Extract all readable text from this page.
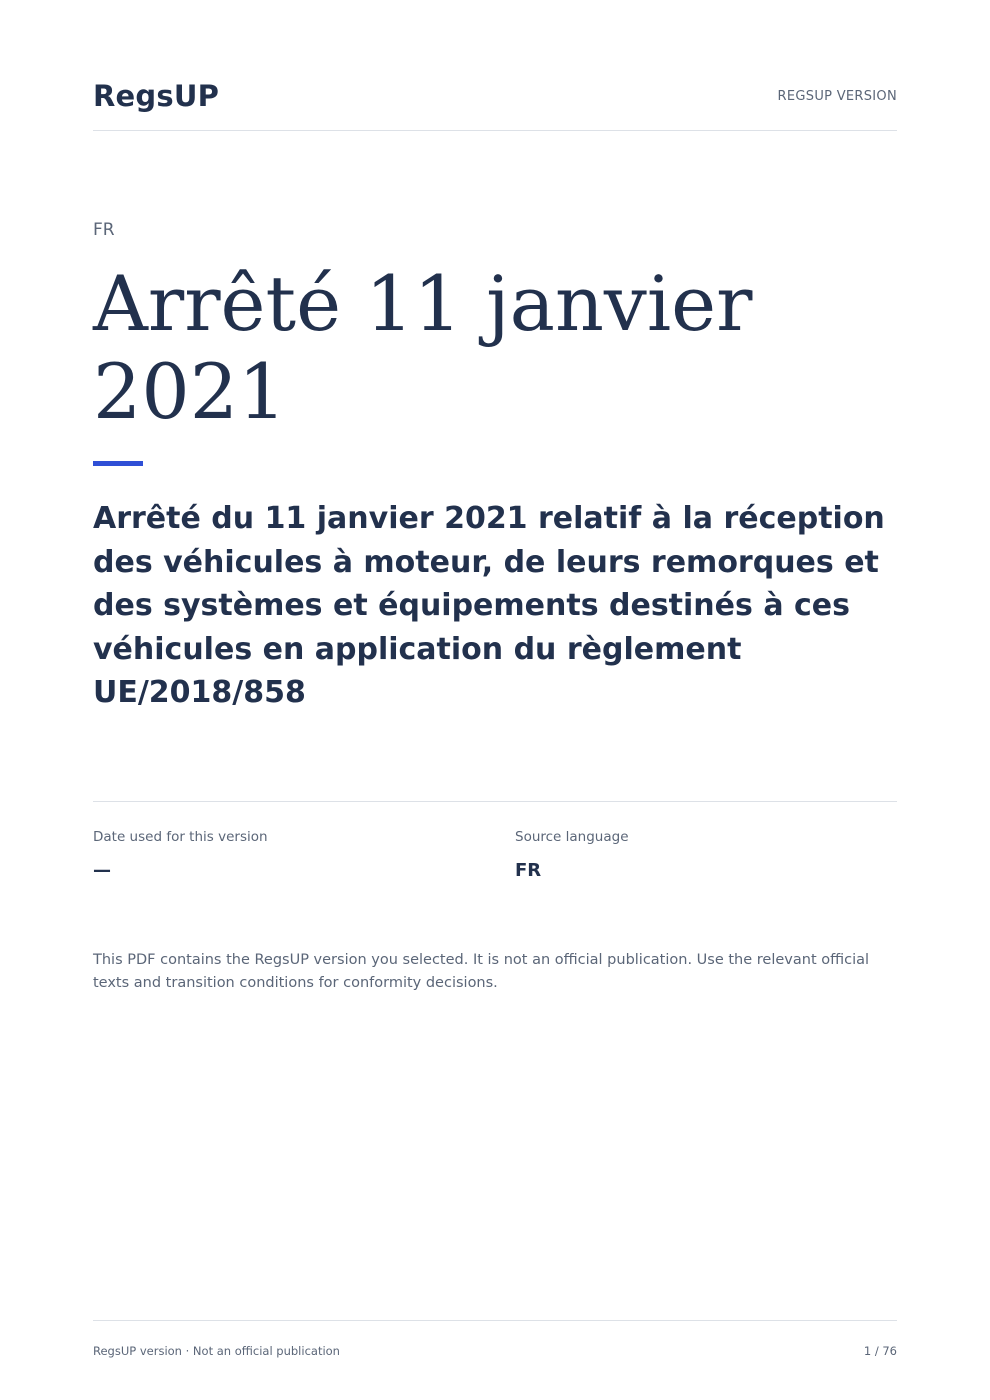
RegsUP	REGSUP VERSION
FR
Arrêté 11 janvier 2021
Arrêté du 11 janvier 2021 relatif à la réception des véhicules à moteur, de leurs remorques et des systèmes et équipements destinés à ces véhicules en application du règlement UE/2018/858
Date used for this version
—
Source language
FR

This PDF contains the RegsUP version you selected. It is not an official publication. Use the relevant official texts and transition conditions for conformity decisions.

RegsUP version · Not an official publication	1 / 76
